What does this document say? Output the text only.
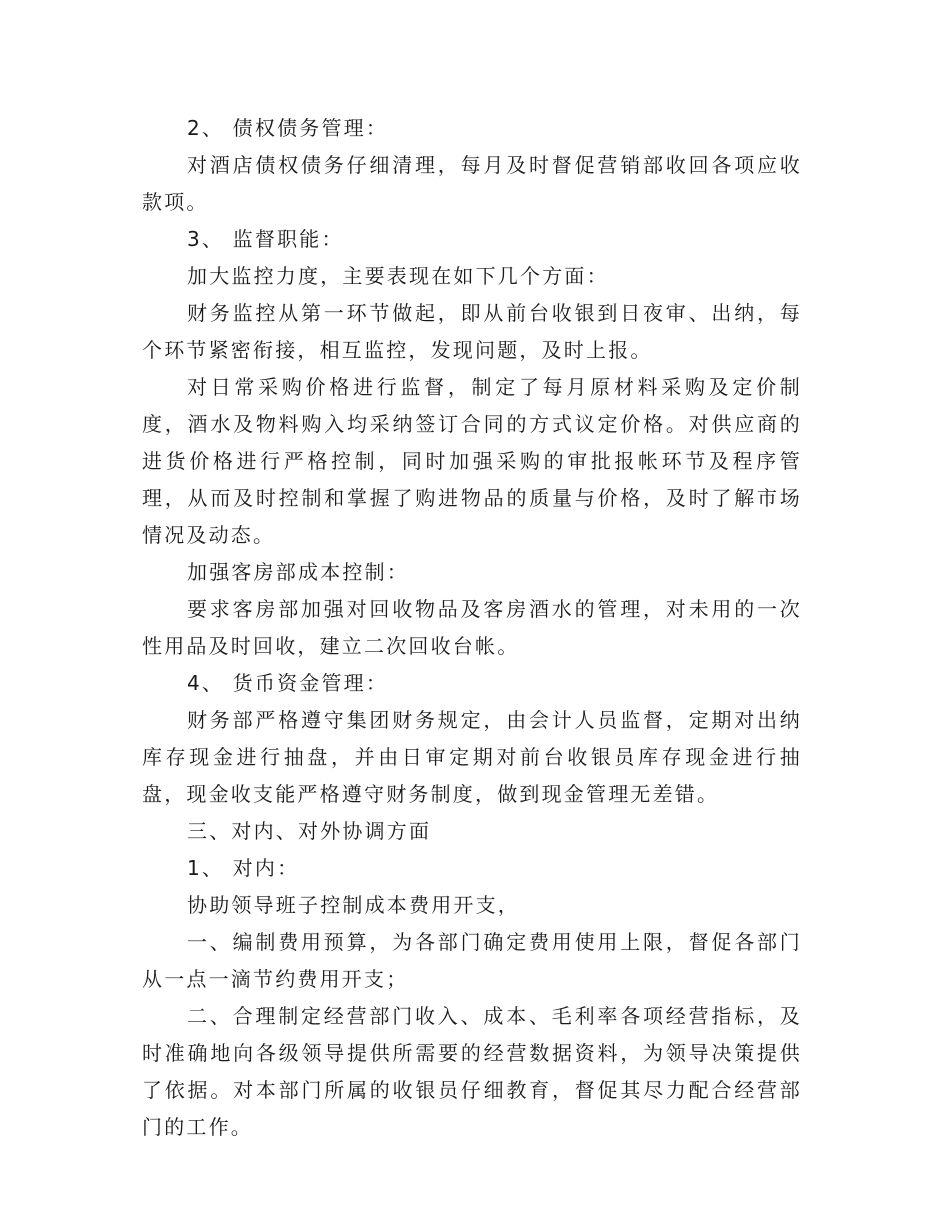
2、 债权债务管理：

对酒店债权债务仔细清理，每月及时督促营销部收回各项应收款项。

3、 监督职能：

加大监控力度，主要表现在如下几个方面：

财务监控从第一环节做起，即从前台收银到日夜审、出纳，每个环节紧密衔接，相互监控，发现问题，及时上报。

对日常采购价格进行监督，制定了每月原材料采购及定价制度，酒水及物料购入均采纳签订合同的方式议定价格。对供应商的进货价格进行严格控制，同时加强采购的审批报帐环节及程序管理，从而及时控制和掌握了购进物品的质量与价格，及时了解市场情况及动态。

加强客房部成本控制：

要求客房部加强对回收物品及客房酒水的管理，对未用的一次性用品及时回收，建立二次回收台帐。

4、 货币资金管理：

财务部严格遵守集团财务规定，由会计人员监督，定期对出纳库存现金进行抽盘，并由日审定期对前台收银员库存现金进行抽盘，现金收支能严格遵守财务制度，做到现金管理无差错。

三、对内、对外协调方面

1、 对内：

协助领导班子控制成本费用开支，

一、编制费用预算，为各部门确定费用使用上限，督促各部门从一点一滴节约费用开支；

二、合理制定经营部门收入、成本、毛利率各项经营指标，及时准确地向各级领导提供所需要的经营数据资料，为领导决策提供了依据。对本部门所属的收银员仔细教育，督促其尽力配合经营部门的工作。
